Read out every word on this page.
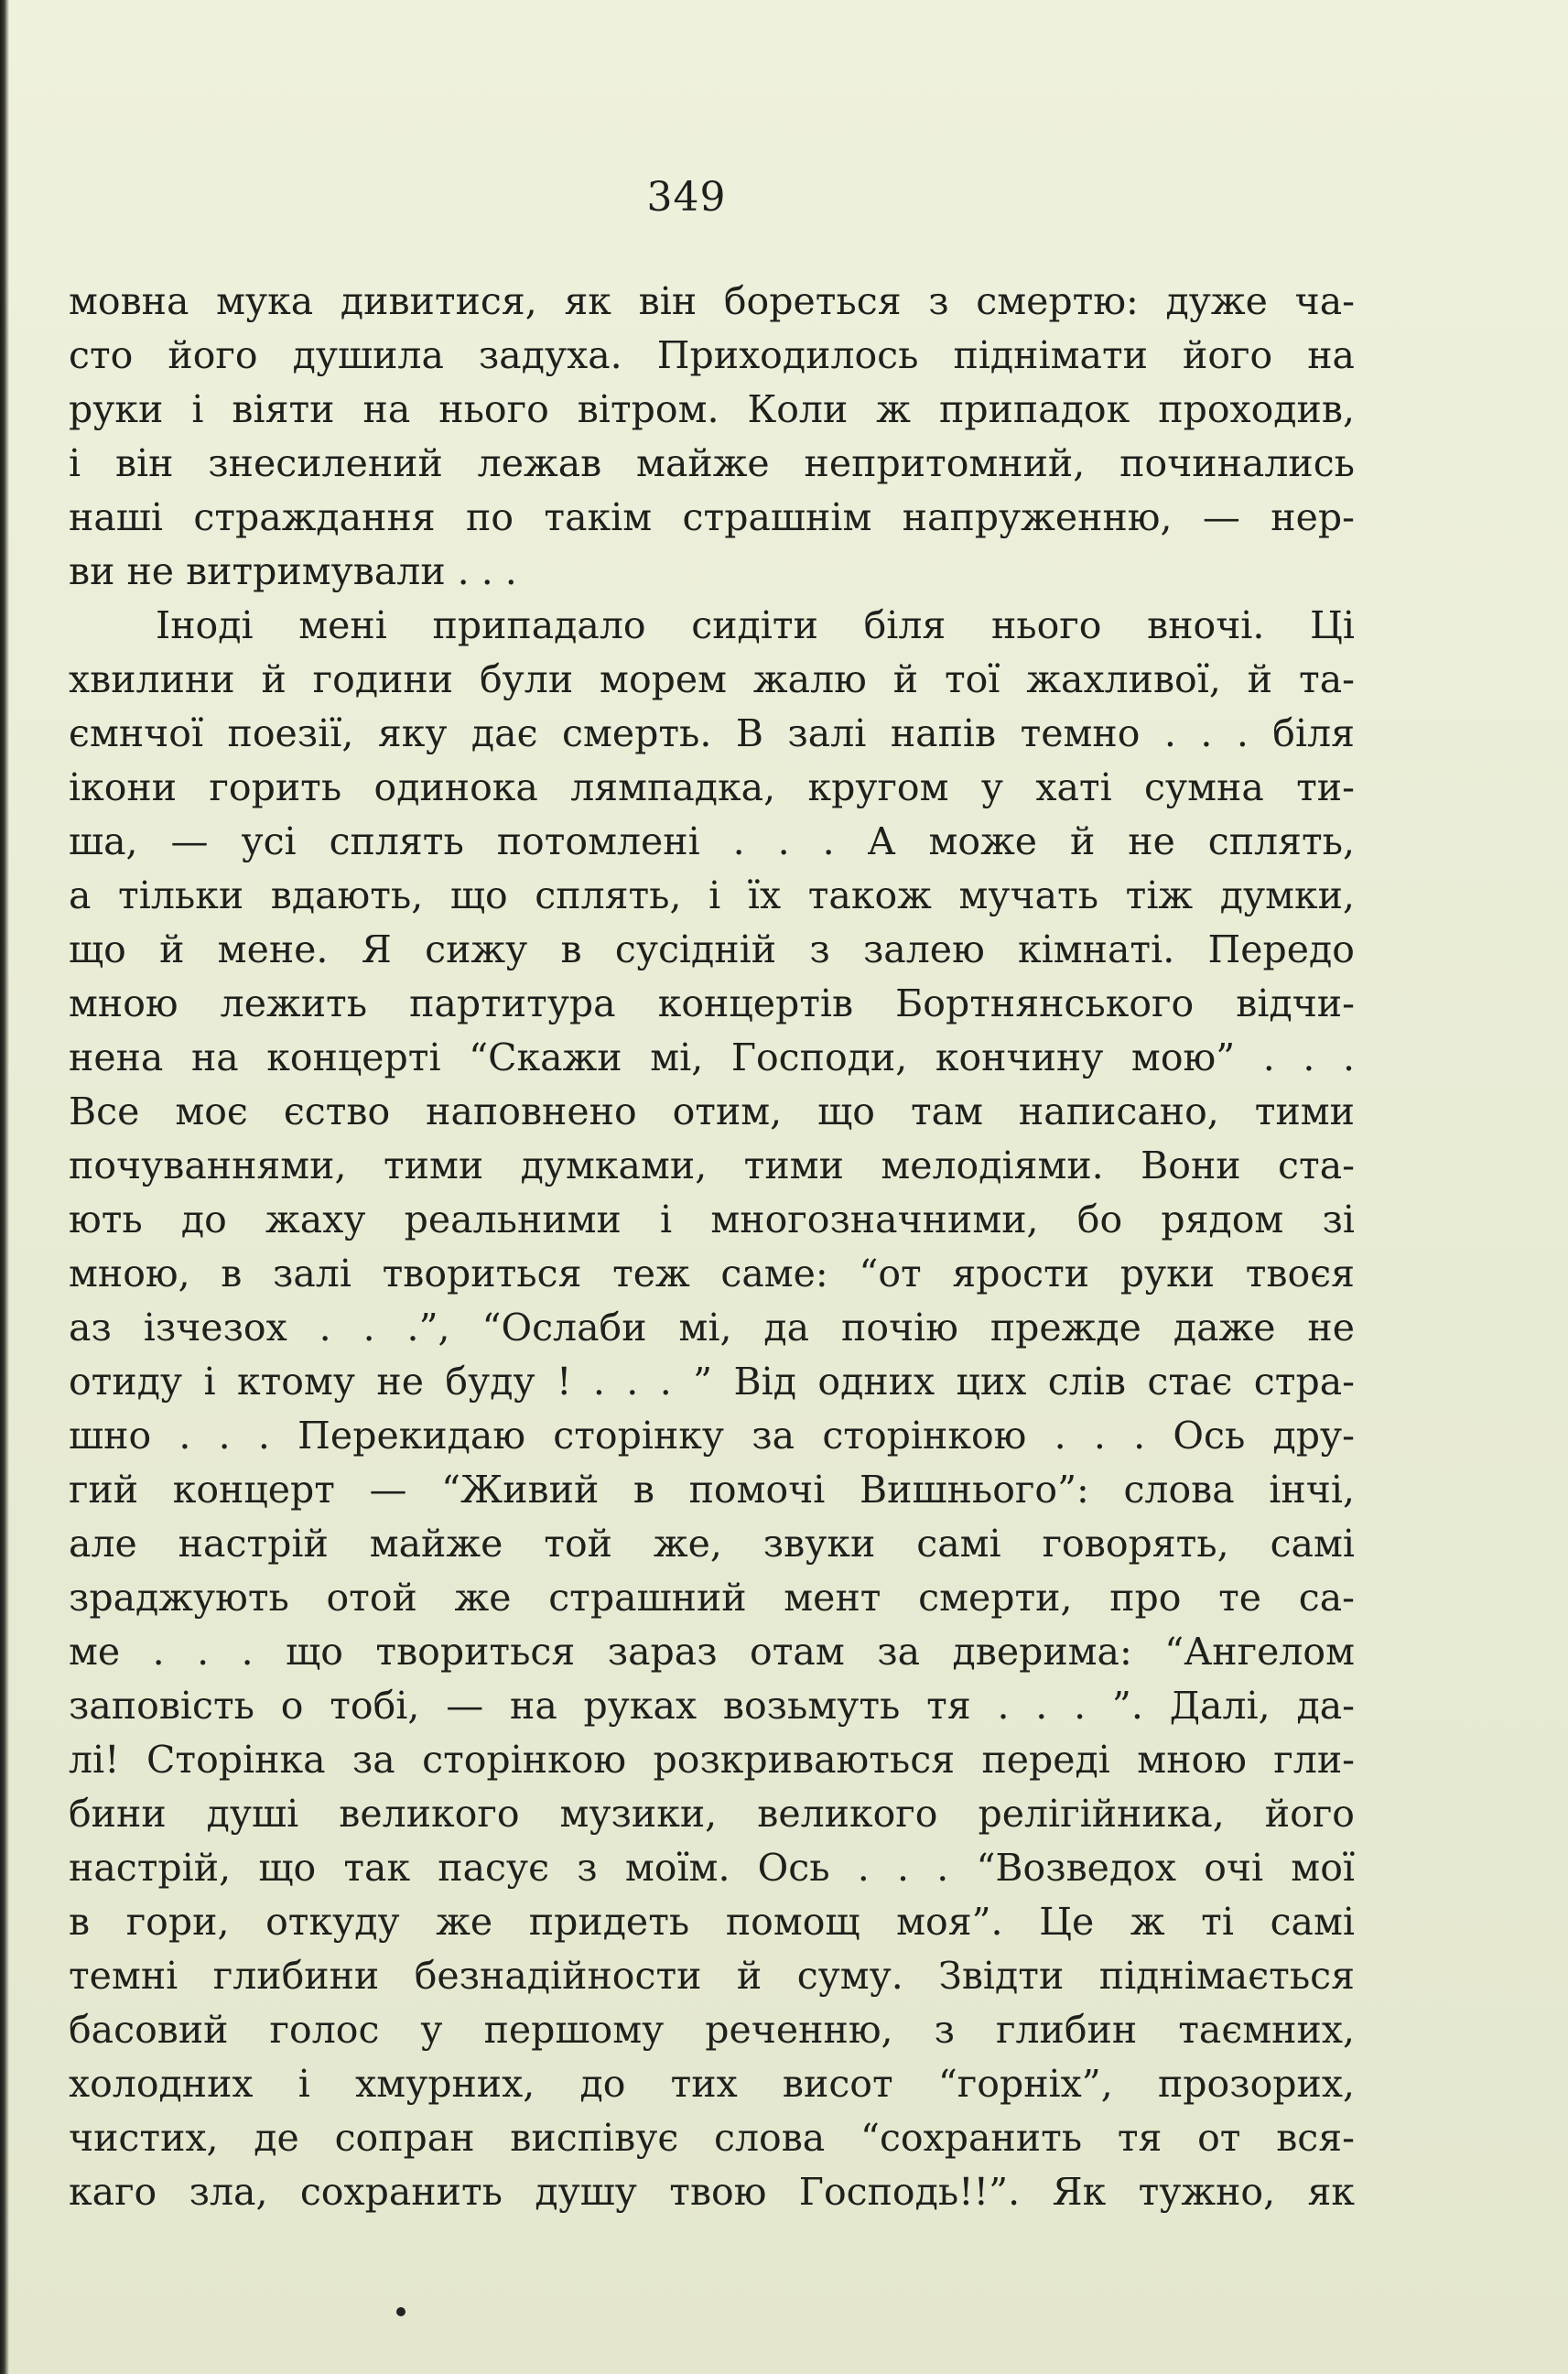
349
мовна мука дивитися, як він бореться з смертю: дуже ча-
сто його душила задуха. Приходилось піднімати його на
руки і віяти на нього вітром. Коли ж припадок проходив,
і він знесилений лежав майже непритомний, починались
наші страждання по такім страшнім напруженню, — нер-
ви не витримували . . .
Іноді мені припадало сидіти біля нього вночі. Ці
хвилини й години були морем жалю й тої жахливої, й та-
ємнчої поезії, яку дає смерть. В залі напів темно . . . біля
ікони горить одинока лямпадка, кругом у хаті сумна ти-
ша, — усі сплять потомлені . . . А може й не сплять,
а тільки вдають, що сплять, і їх також мучать тіж думки,
що й мене. Я сижу в сусідній з залею кімнаті. Передо
мною лежить партитура концертів Бортнянського відчи-
нена на концерті “Скажи мі, Господи, кончину мою” . . .
Все моє єство наповнено отим, що там написано, тими
почуваннями, тими думками, тими мелодіями. Вони ста-
ють до жаху реальними і многозначними, бо рядом зі
мною, в залі твориться теж саме: “от ярости руки твоєя
аз ізчезох . . .”, “Ослаби мі, да почію прежде даже не
отиду і ктому не буду ! . . . ” Від одних цих слів стає стра-
шно . . . Перекидаю сторінку за сторінкою . . . Ось дру-
гий концерт — “Живий в помочі Вишнього”: слова інчі,
але настрій майже той же, звуки самі говорять, самі
зраджують отой же страшний мент смерти, про те са-
ме . . . що твориться зараз отам за дверима: “Ангелом
заповість о тобі, — на руках возьмуть тя . . . ”. Далі, да-
лі! Сторінка за сторінкою розкриваються переді мною гли-
бини душі великого музики, великого релігійника, його
настрій, що так пасує з моїм. Ось . . . “Возведох очі мої
в гори, откуду же придеть помощ моя”. Це ж ті самі
темні глибини безнадійности й суму. Звідти піднімається
басовий голос у першому реченню, з глибин таємних,
холодних і хмурних, до тих висот “горніх”, прозорих,
чистих, де сопран виспівує слова “сохранить тя от вся-
каго зла, сохранить душу твою Господь!!”. Як тужно, як
